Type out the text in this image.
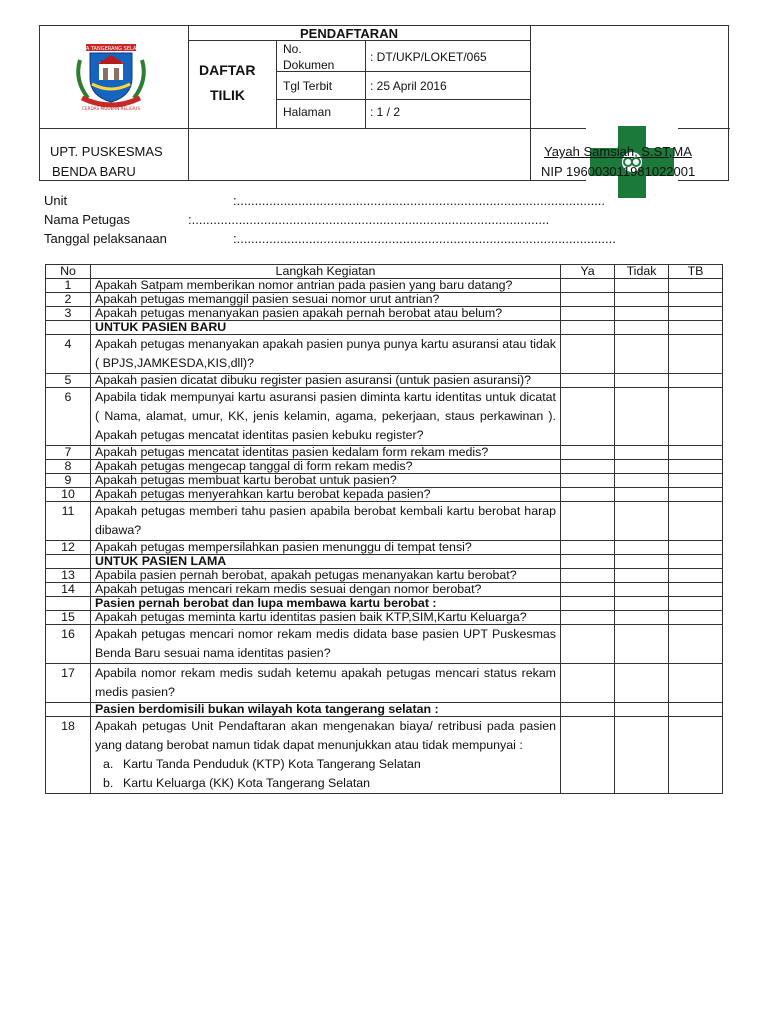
KOTA TANGERANG SELATAN
CERDAS MODERN RELIGIUS
PENDAFTARAN
DAFTAR
TILIK
No. Dokumen
: DT/UKP/LOKET/065
Tgl Terbit	: 25 April 2016
Halaman	: 1 / 2
UPT. PUSKESMAS
BENDA BARU
Yayah Samsiah, S.ST,MA
NIP 196003011981022001
Unit	:......................................................................................................
Nama Petugas	:...................................................................................................
Tanggal pelaksanaan	:.........................................................................................................
No	Langkah Kegiatan	Ya	Tidak	TB
1	Apakah Satpam memberikan nomor antrian pada pasien yang baru datang?			

2	Apakah petugas memanggil pasien sesuai nomor urut antrian?			

3	Apakah petugas menanyakan pasien apakah pernah berobat atau belum?			

	UNTUK PASIEN BARU			

4	Apakah petugas menanyakan apakah pasien punya punya kartu asuransi atau tidak ( BPJS,JAMKESDA,KIS,dll)?			
5	Apakah pasien dicatat dibuku register pasien asuransi (untuk pasien asuransi)?			

6	Apabila tidak mempunyai kartu asuransi pasien diminta kartu identitas untuk dicatat ( Nama, alamat, umur, KK, jenis kelamin, agama, pekerjaan, staus perkawinan ). Apakah petugas mencatat identitas pasien kebuku register?			
7	Apakah petugas mencatat identitas pasien kedalam form rekam medis?			

8	Apakah petugas mengecap tanggal di form rekam medis?			

9	Apakah petugas membuat kartu berobat untuk pasien?			

10	Apakah petugas menyerahkan kartu berobat kepada pasien?			

11	Apakah petugas memberi tahu pasien apabila berobat kembali kartu berobat harap dibawa?			
12	Apakah petugas mempersilahkan pasien menunggu di tempat tensi?			

	UNTUK PASIEN LAMA			

13	Apabila pasien pernah berobat, apakah petugas menanyakan kartu berobat?			

14	Apakah petugas mencari rekam medis sesuai dengan nomor berobat?			

	Pasien pernah berobat dan lupa membawa kartu berobat :			

15	Apakah petugas meminta kartu identitas pasien baik KTP,SIM,Kartu Keluarga?			

16	Apakah petugas mencari nomor rekam medis didata base pasien UPT Puskesmas Benda Baru sesuai nama identitas pasien?			
17	Apabila nomor rekam medis sudah ketemu apakah petugas mencari status rekam medis pasien?			

	Pasien berdomisili bukan wilayah kota tangerang selatan :			

18	Apakah petugas Unit Pendaftaran akan mengenakan biaya/ retribusi pada pasien yang datang berobat namun tidak dapat menunjukkan atau tidak mempunyai :
a. Kartu Tanda Penduduk (KTP) Kota Tangerang Selatan
b. Kartu Keluarga (KK) Kota Tangerang Selatan			
